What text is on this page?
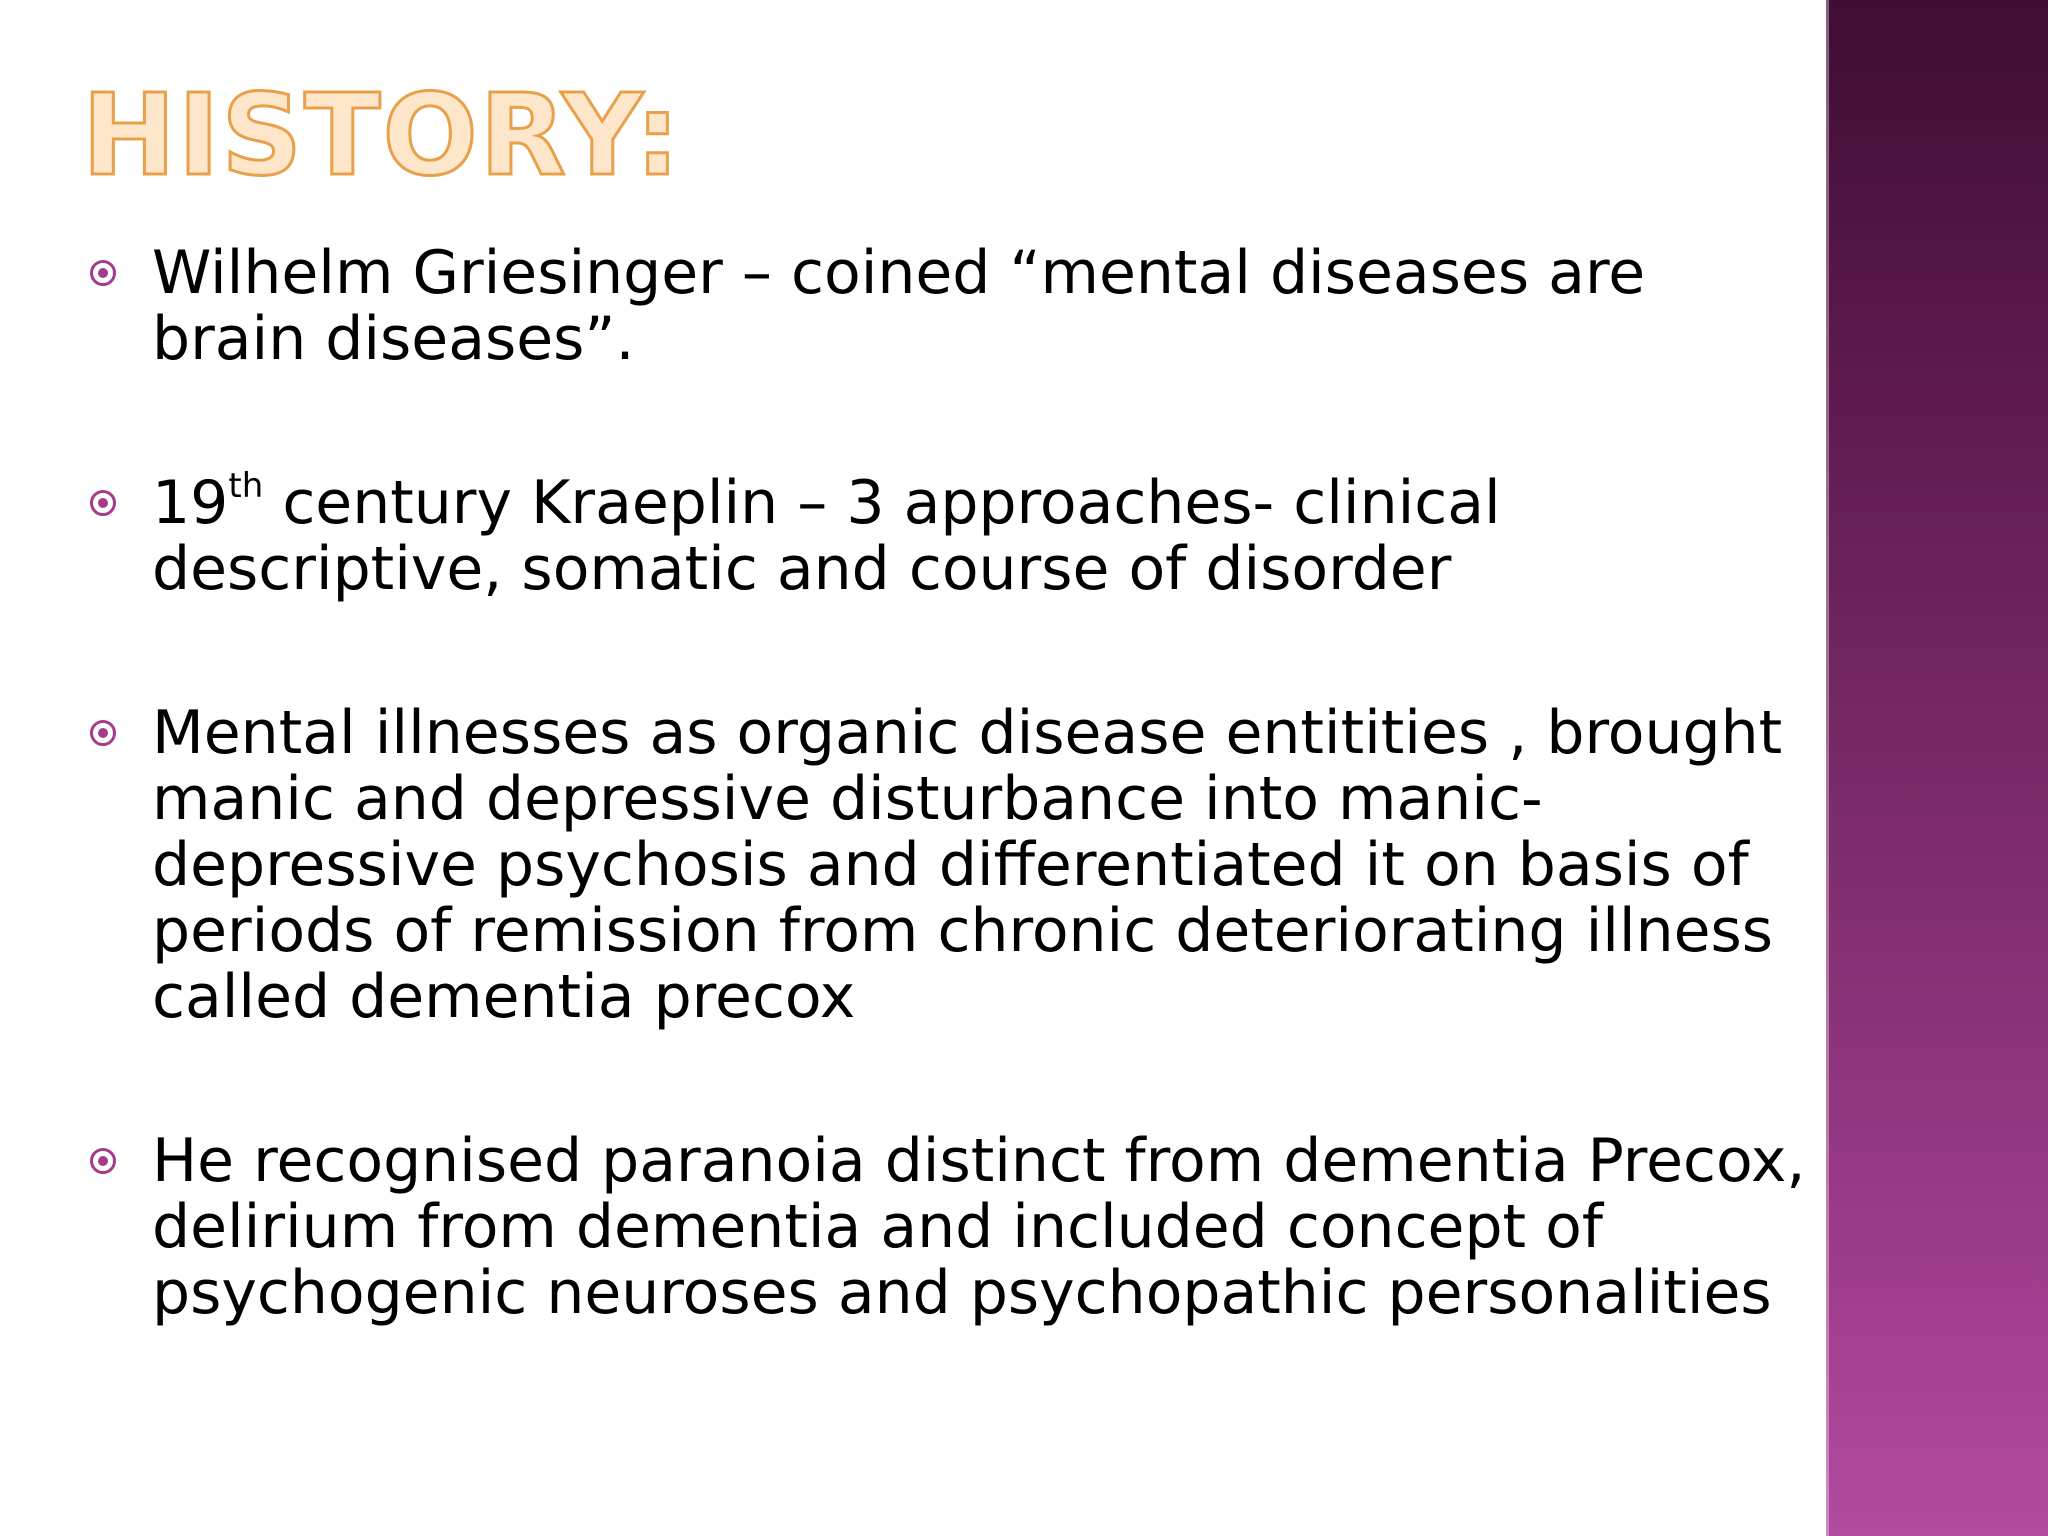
HISTORY:
Wilhelm Griesinger – coined “mental diseases are brain diseases”.
19th century Kraeplin – 3 approaches- clinical descriptive, somatic and course of disorder
Mental illnesses as organic disease entitities , brought manic and depressive disturbance into manic-depressive psychosis and differentiated it on basis of periods of remission from chronic deteriorating illness called dementia precox
He recognised paranoia distinct from dementia Precox, delirium from dementia and included concept of psychogenic neuroses and psychopathic personalities
